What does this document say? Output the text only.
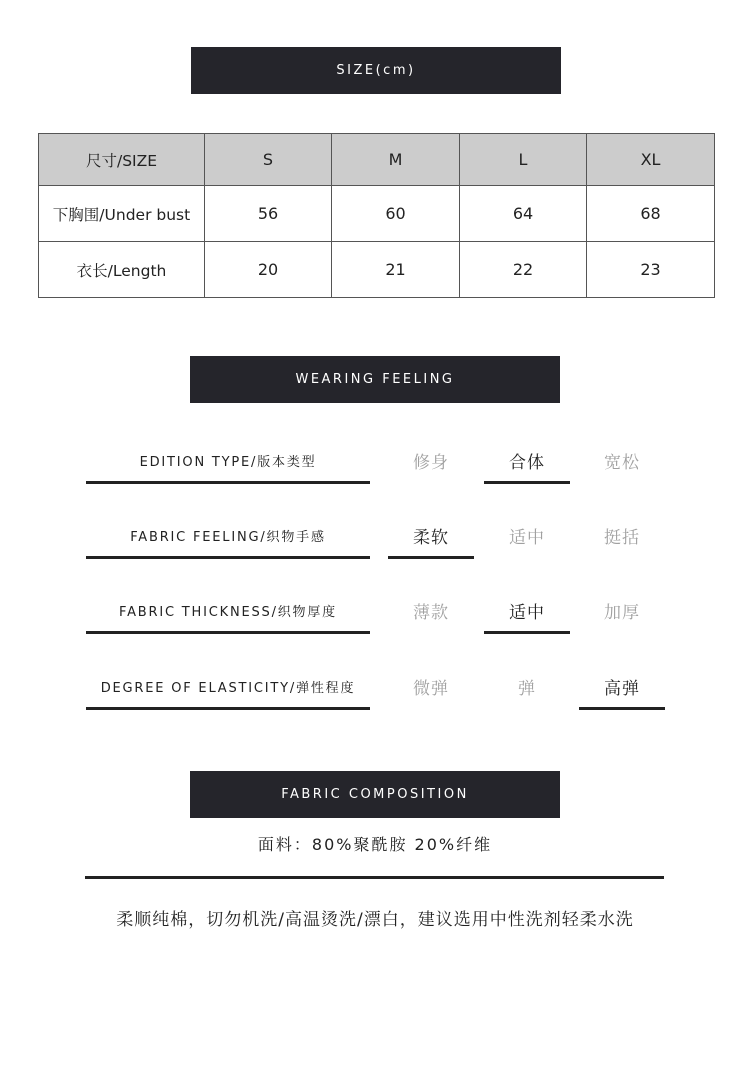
SIZE(cm)
尺寸/SIZE	S	M	L	XL
下胸围/Under bust	56	60	64	68
衣长/Length	20	21	22	23
WEARING FEELING
EDITION TYPE/版本类型	修身	合体	宽松
FABRIC FEELING/织物手感	柔软	适中	挺括
FABRIC THICKNESS/织物厚度	薄款	适中	加厚
DEGREE OF ELASTICITY/弹性程度	微弹	弹	高弹
FABRIC COMPOSITION
面料：80%聚酰胺 20%纤维
柔顺纯棉，切勿机洗/高温烫洗/漂白，建议选用中性洗剂轻柔水洗
